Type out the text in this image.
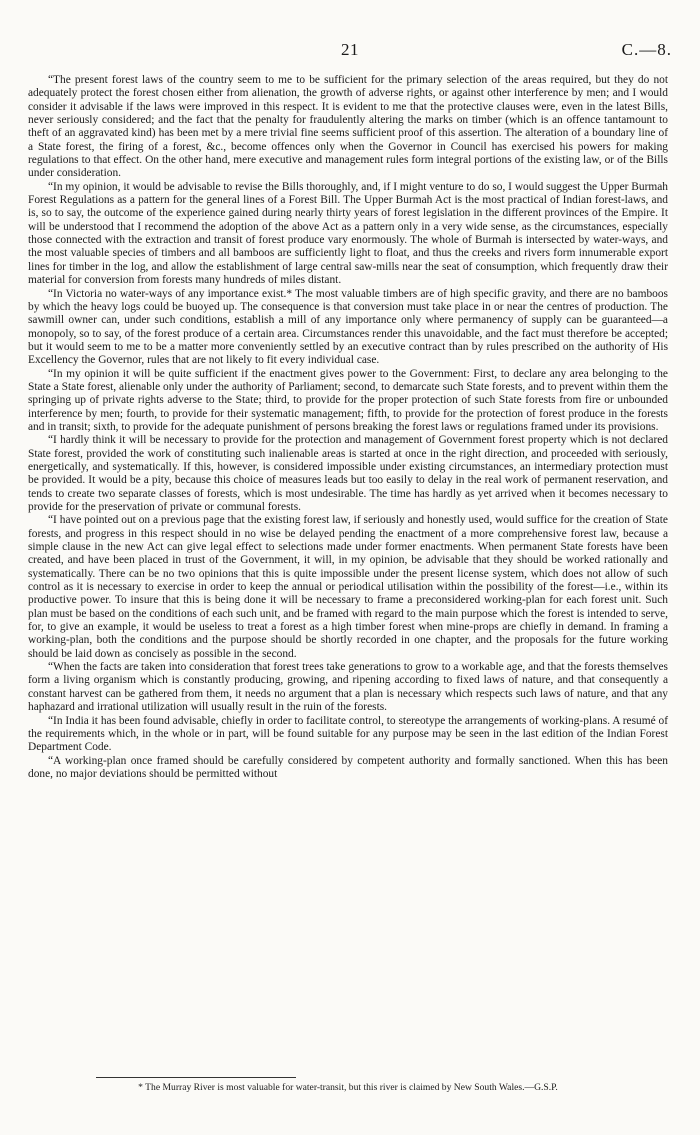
21	C.—8.

“The present forest laws of the country seem to me to be sufficient for the primary selection of the areas required, but they do not adequately protect the forest chosen either from alienation, the growth of adverse rights, or against other interference by men; and I would consider it advisable if the laws were improved in this respect. It is evident to me that the protective clauses were, even in the latest Bills, never seriously considered; and the fact that the penalty for fraudulently altering the marks on timber (which is an offence tantamount to theft of an aggravated kind) has been met by a mere trivial fine seems sufficient proof of this assertion. The alteration of a boundary line of a State forest, the firing of a forest, &c., become offences only when the Governor in Council has exercised his powers for making regulations to that effect. On the other hand, mere executive and management rules form integral portions of the existing law, or of the Bills under consideration.

“In my opinion, it would be advisable to revise the Bills thoroughly, and, if I might venture to do so, I would suggest the Upper Burmah Forest Regulations as a pattern for the general lines of a Forest Bill. The Upper Burmah Act is the most practical of Indian forest-laws, and is, so to say, the outcome of the experience gained during nearly thirty years of forest legislation in the different provinces of the Empire. It will be understood that I recommend the adoption of the above Act as a pattern only in a very wide sense, as the circumstances, especially those connected with the extraction and transit of forest produce vary enormously. The whole of Burmah is intersected by water-ways, and the most valuable species of timbers and all bamboos are sufficiently light to float, and thus the creeks and rivers form innumerable export lines for timber in the log, and allow the establishment of large central saw-mills near the seat of consumption, which frequently draw their material for conversion from forests many hundreds of miles distant.

“In Victoria no water-ways of any importance exist.* The most valuable timbers are of high specific gravity, and there are no bamboos by which the heavy logs could be buoyed up. The consequence is that conversion must take place in or near the centres of production. The sawmill owner can, under such conditions, establish a mill of any importance only where permanency of supply can be guaranteed—a monopoly, so to say, of the forest produce of a certain area. Circumstances render this unavoidable, and the fact must therefore be accepted; but it would seem to me to be a matter more conveniently settled by an executive contract than by rules prescribed on the authority of His Excellency the Governor, rules that are not likely to fit every individual case.

“In my opinion it will be quite sufficient if the enactment gives power to the Government: First, to declare any area belonging to the State a State forest, alienable only under the authority of Parliament; second, to demarcate such State forests, and to prevent within them the springing up of private rights adverse to the State; third, to provide for the proper protection of such State forests from fire or unbounded interference by men; fourth, to provide for their systematic management; fifth, to provide for the protection of forest produce in the forests and in transit; sixth, to provide for the adequate punishment of persons breaking the forest laws or regulations framed under its provisions.

“I hardly think it will be necessary to provide for the protection and management of Government forest property which is not declared State forest, provided the work of constituting such inalienable areas is started at once in the right direction, and proceeded with seriously, energetically, and systematically. If this, however, is considered impossible under existing circumstances, an intermediary protection must be provided. It would be a pity, because this choice of measures leads but too easily to delay in the real work of permanent reservation, and tends to create two separate classes of forests, which is most undesirable. The time has hardly as yet arrived when it becomes necessary to provide for the preservation of private or communal forests.

“I have pointed out on a previous page that the existing forest law, if seriously and honestly used, would suffice for the creation of State forests, and progress in this respect should in no wise be delayed pending the enactment of a more comprehensive forest law, because a simple clause in the new Act can give legal effect to selections made under former enactments. When permanent State forests have been created, and have been placed in trust of the Government, it will, in my opinion, be advisable that they should be worked rationally and systematically. There can be no two opinions that this is quite impossible under the present license system, which does not allow of such control as it is necessary to exercise in order to keep the annual or periodical utilisation within the possibility of the forest—i.e., within its productive power. To insure that this is being done it will be necessary to frame a preconsidered working-plan for each forest unit. Such plan must be based on the conditions of each such unit, and be framed with regard to the main purpose which the forest is intended to serve, for, to give an example, it would be useless to treat a forest as a high timber forest when mine-props are chiefly in demand. In framing a working-plan, both the conditions and the purpose should be shortly recorded in one chapter, and the proposals for the future working should be laid down as concisely as possible in the second.

“When the facts are taken into consideration that forest trees take generations to grow to a workable age, and that the forests themselves form a living organism which is constantly producing, growing, and ripening according to fixed laws of nature, and that consequently a constant harvest can be gathered from them, it needs no argument that a plan is necessary which respects such laws of nature, and that any haphazard and irrational utilization will usually result in the ruin of the forests.

“In India it has been found advisable, chiefly in order to facilitate control, to stereotype the arrangements of working-plans. A resumé of the requirements which, in the whole or in part, will be found suitable for any purpose may be seen in the last edition of the Indian Forest Department Code.

“A working-plan once framed should be carefully considered by competent authority and formally sanctioned. When this has been done, no major deviations should be permitted without

* The Murray River is most valuable for water-transit, but this river is claimed by New South Wales.—G.S.P.
